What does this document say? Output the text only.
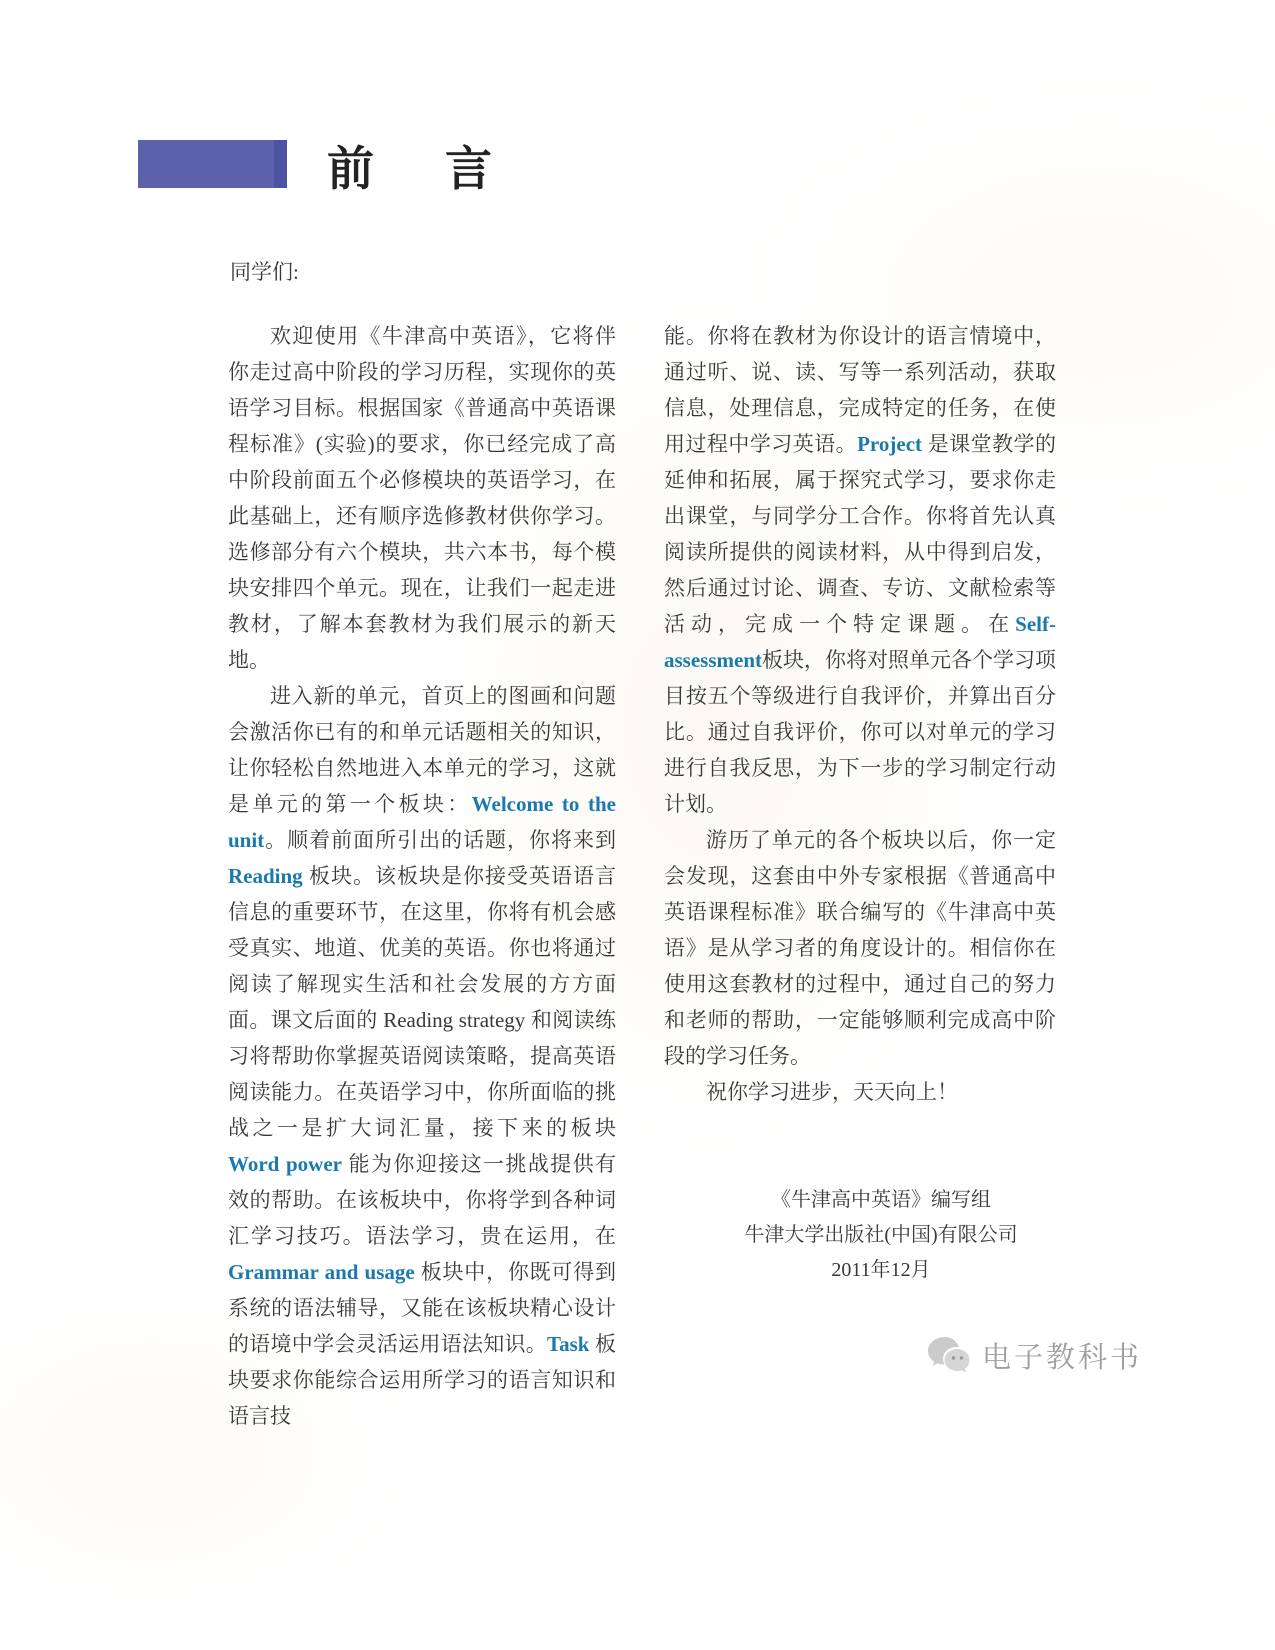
前　言
同学们:

欢迎使用《牛津高中英语》，它将伴你走过高中阶段的学习历程，实现你的英语学习目标。根据国家《普通高中英语课程标准》(实验)的要求，你已经完成了高中阶段前面五个必修模块的英语学习，在此基础上，还有顺序选修教材供你学习。选修部分有六个模块，共六本书，每个模块安排四个单元。现在，让我们一起走进教材，了解本套教材为我们展示的新天地。

进入新的单元，首页上的图画和问题会激活你已有的和单元话题相关的知识，让你轻松自然地进入本单元的学习，这就是单元的第一个板块：Welcome to the unit。顺着前面所引出的话题，你将来到 Reading 板块。该板块是你接受英语语言信息的重要环节，在这里，你将有机会感受真实、地道、优美的英语。你也将通过阅读了解现实生活和社会发展的方方面面。课文后面的 Reading strategy 和阅读练习将帮助你掌握英语阅读策略，提高英语阅读能力。在英语学习中，你所面临的挑战之一是扩大词汇量，接下来的板块 Word power 能为你迎接这一挑战提供有效的帮助。在该板块中，你将学到各种词汇学习技巧。语法学习，贵在运用，在 Grammar and usage 板块中，你既可得到系统的语法辅导，又能在该板块精心设计的语境中学会灵活运用语法知识。Task 板块要求你能综合运用所学习的语言知识和语言技

能。你将在教材为你设计的语言情境中，通过听、说、读、写等一系列活动，获取信息，处理信息，完成特定的任务，在使用过程中学习英语。Project 是课堂教学的延伸和拓展，属于探究式学习，要求你走出课堂，与同学分工合作。你将首先认真阅读所提供的阅读材料，从中得到启发，然后通过讨论、调查、专访、文献检索等活动，完成一个特定课题。在Self-assessment板块，你将对照单元各个学习项目按五个等级进行自我评价，并算出百分比。通过自我评价，你可以对单元的学习进行自我反思，为下一步的学习制定行动计划。

游历了单元的各个板块以后，你一定会发现，这套由中外专家根据《普通高中英语课程标准》联合编写的《牛津高中英语》是从学习者的角度设计的。相信你在使用这套教材的过程中，通过自己的努力和老师的帮助，一定能够顺利完成高中阶段的学习任务。

祝你学习进步，天天向上！

《牛津高中英语》编写组
牛津大学出版社(中国)有限公司
2011年12月
电子教科书
